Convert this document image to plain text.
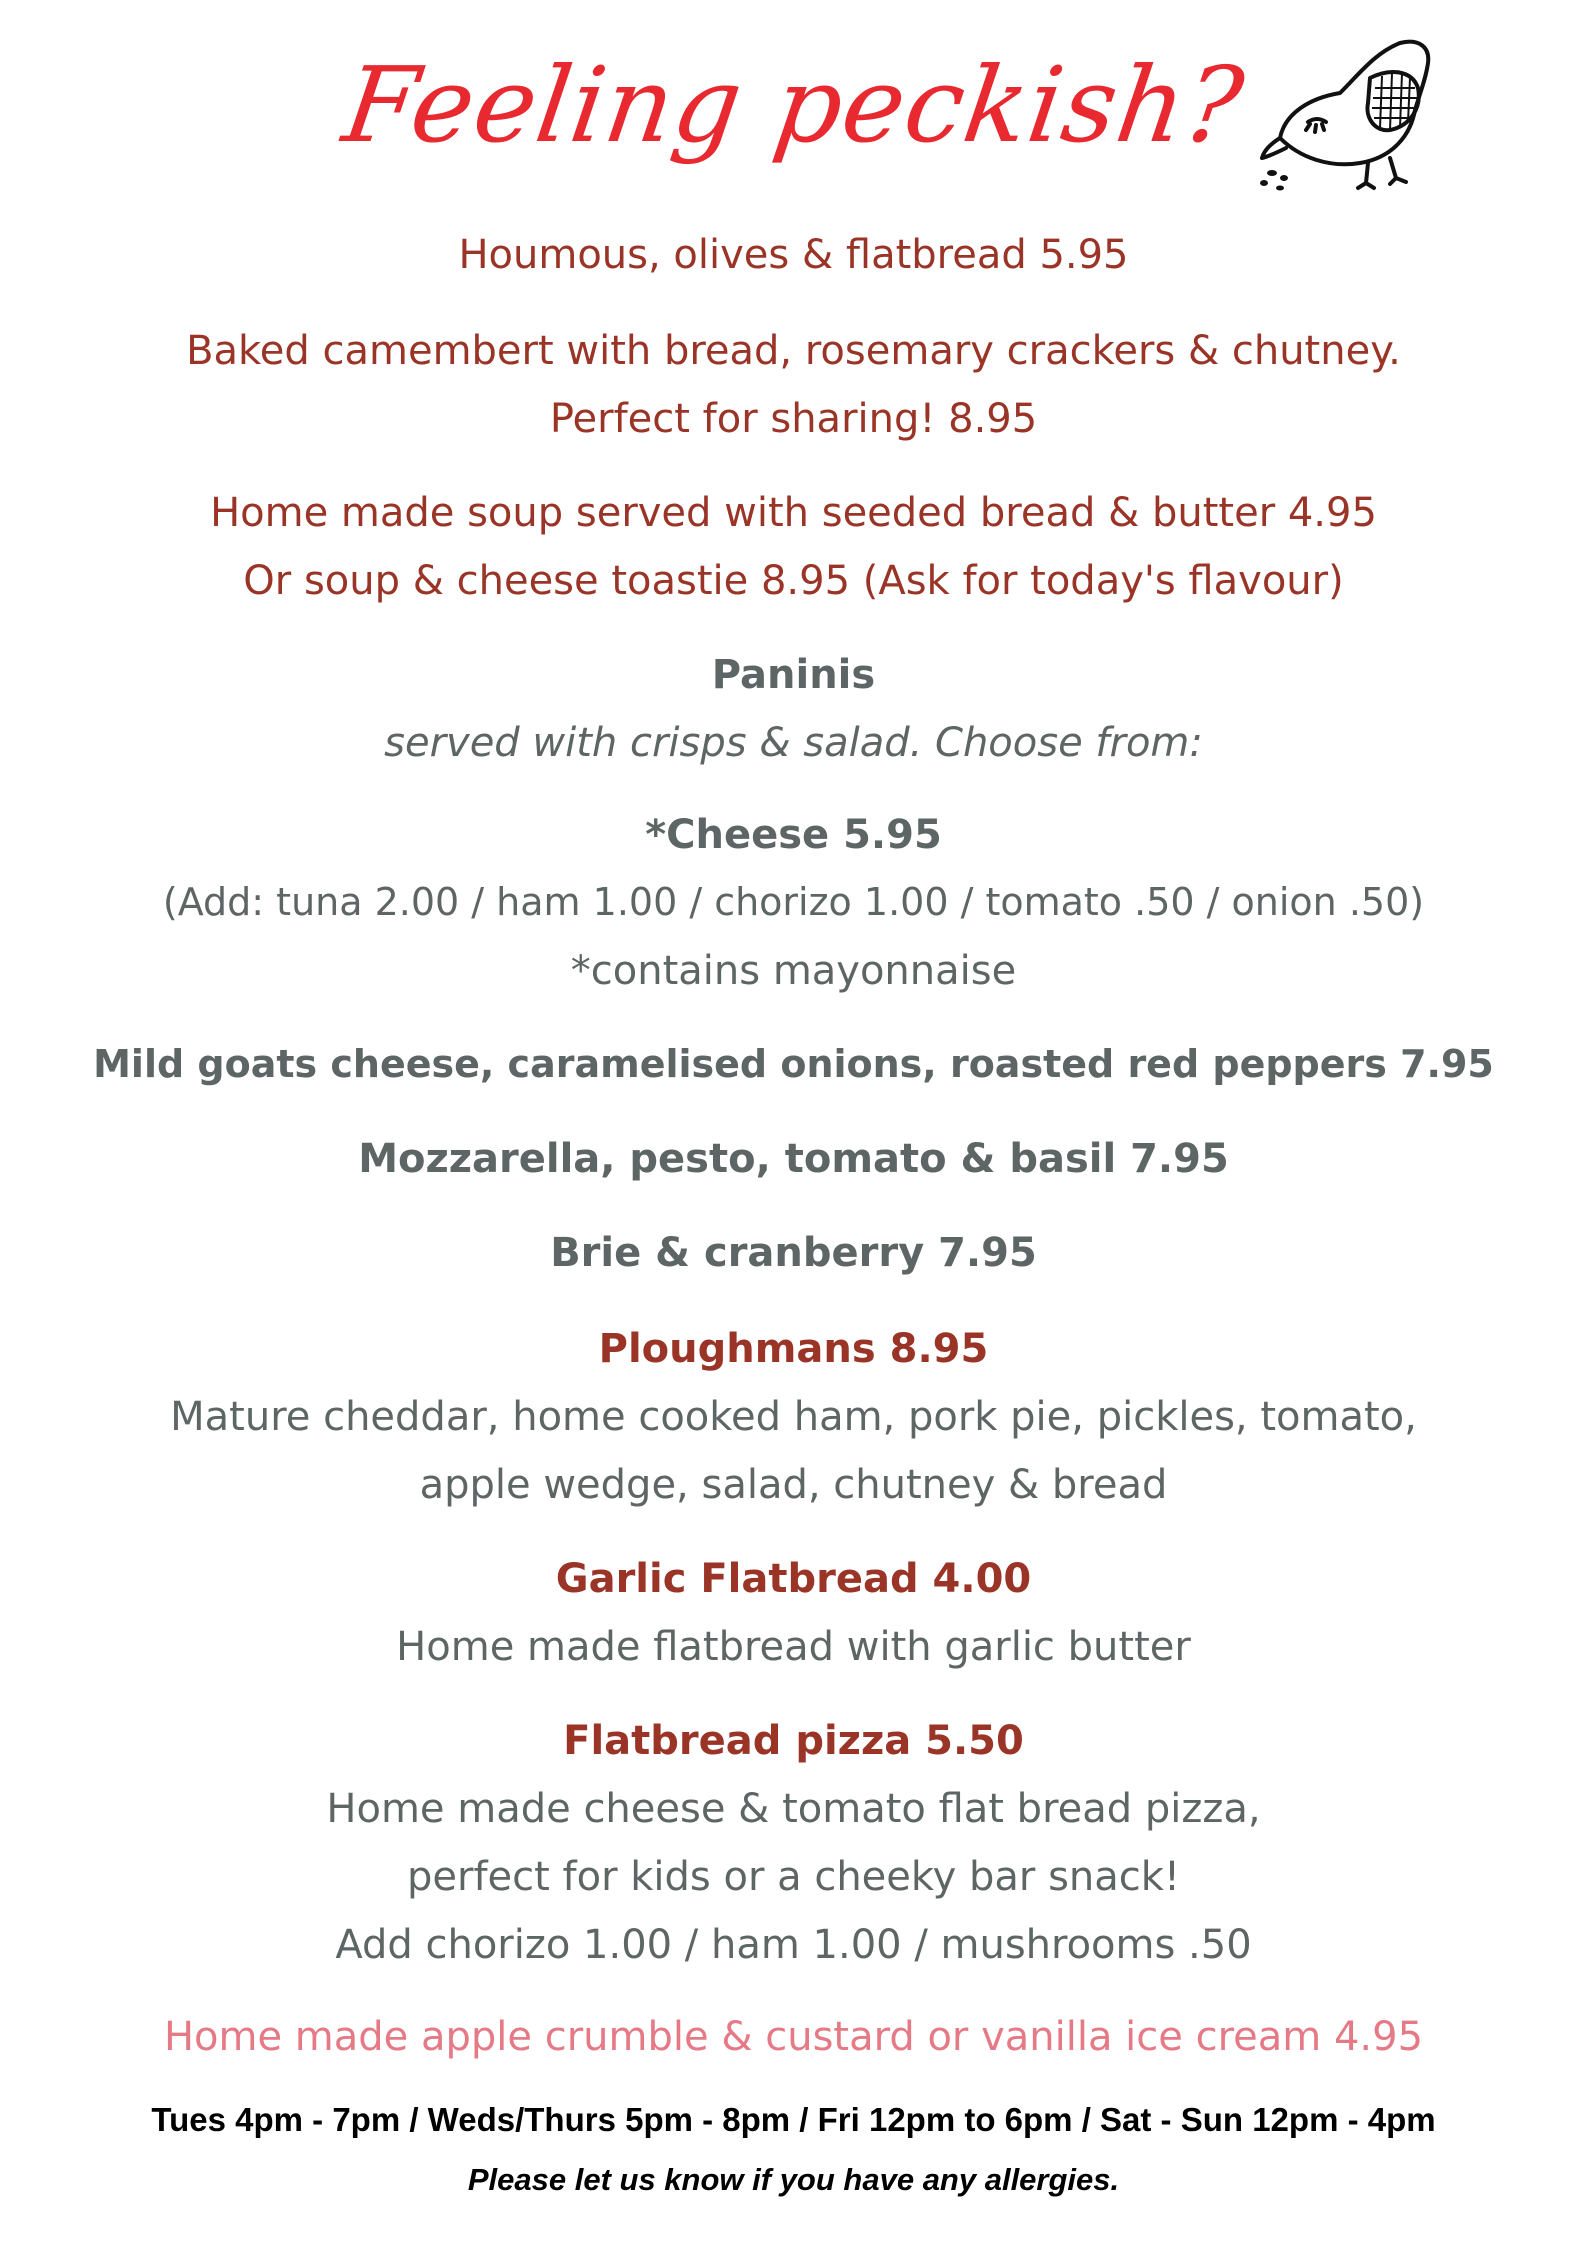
Feeling peckish?
Houmous, olives & flatbread 5.95
Baked camembert with bread, rosemary crackers & chutney.
Perfect for sharing! 8.95
Home made soup served with seeded bread & butter 4.95
Or soup & cheese toastie 8.95 (Ask for today's flavour)
Paninis
served with crisps & salad. Choose from:
*Cheese 5.95
(Add: tuna 2.00 / ham 1.00 / chorizo 1.00 / tomato .50 / onion .50)
*contains mayonnaise
Mild goats cheese, caramelised onions, roasted red peppers 7.95
Mozzarella, pesto, tomato & basil 7.95
Brie & cranberry 7.95
Ploughmans 8.95
Mature cheddar, home cooked ham, pork pie, pickles, tomato,
apple wedge, salad, chutney & bread
Garlic Flatbread 4.00
Home made flatbread with garlic butter
Flatbread pizza 5.50
Home made cheese & tomato flat bread pizza,
perfect for kids or a cheeky bar snack!
Add chorizo 1.00 / ham 1.00 / mushrooms .50
Home made apple crumble & custard or vanilla ice cream 4.95
Tues 4pm - 7pm / Weds/Thurs 5pm - 8pm / Fri 12pm to 6pm / Sat - Sun 12pm - 4pm
Please let us know if you have any allergies.
